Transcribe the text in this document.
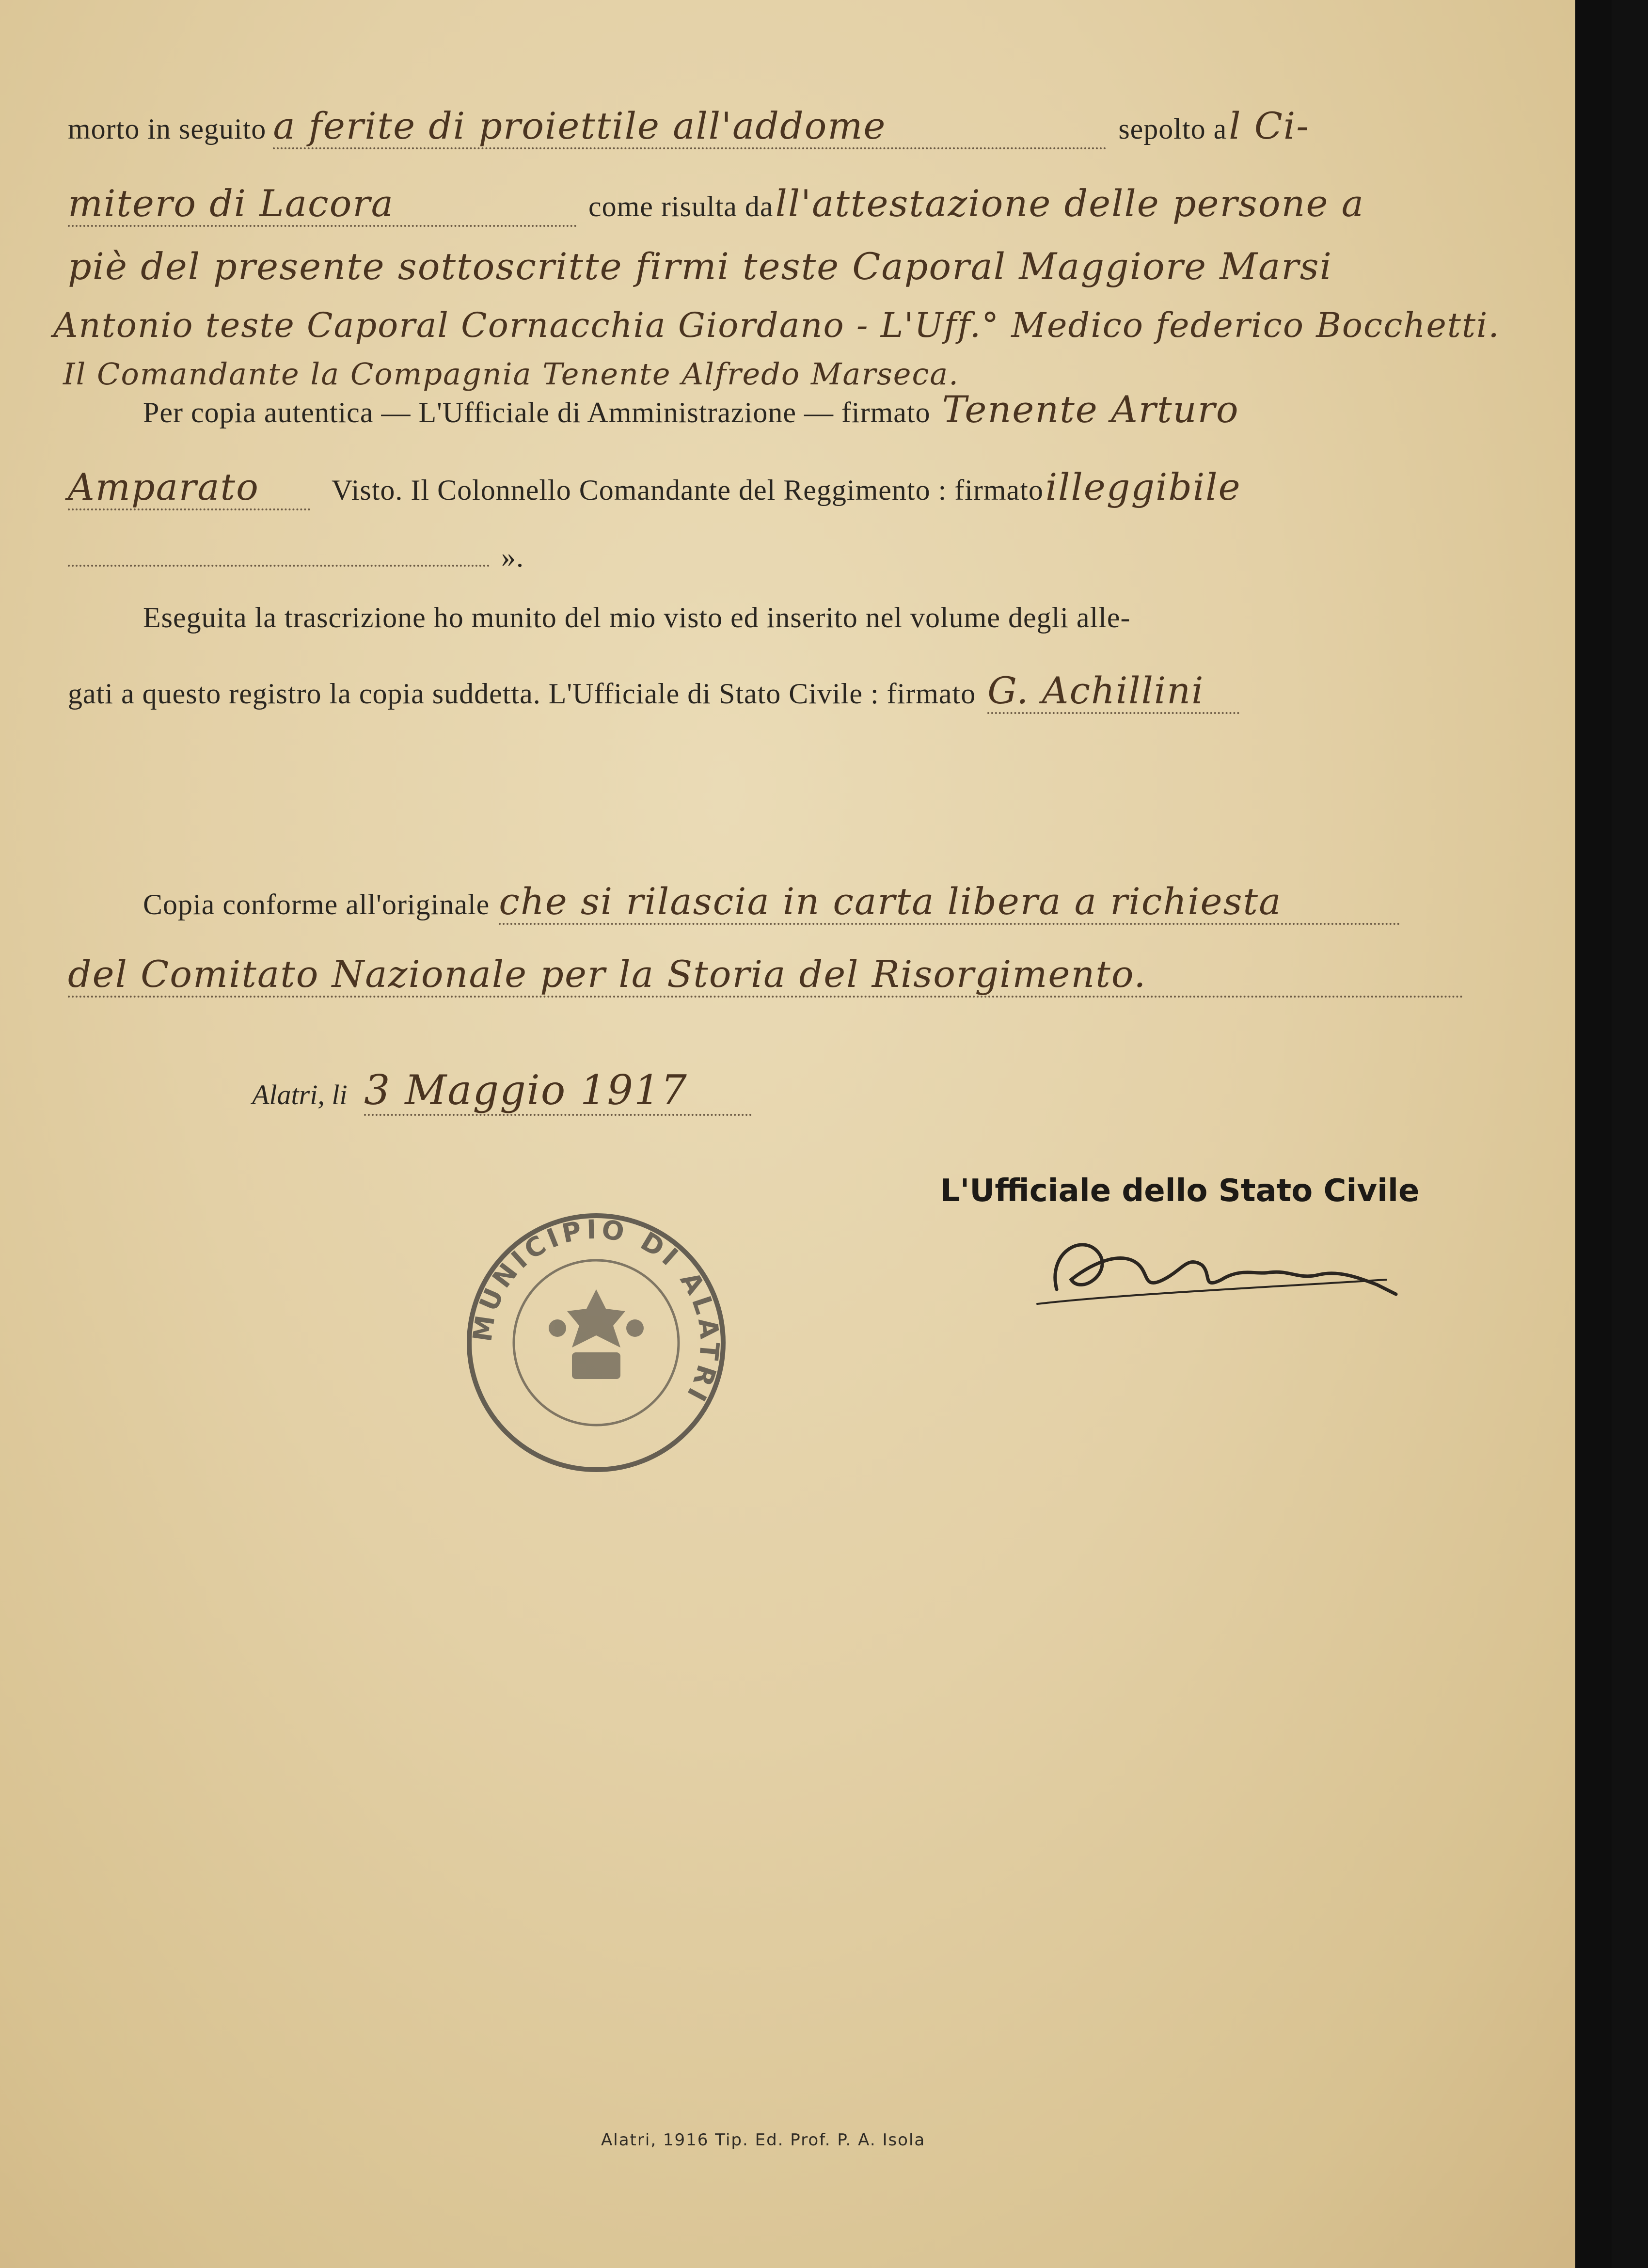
morto in seguito a ferite di proiettile all'addome	sepolto a l Ci-
mitero di Lacora	come risulta da ll'attestazione delle persone a
piè del presente sottoscritte firmi teste Caporal Maggiore Marsi
Antonio teste Caporal Cornacchia Giordano - L'Uff.° Medico federico Bocchetti.
Il Comandante la Compagnia Tenente Alfredo Marseca.
Per copia autentica — L'Ufficiale di Amministrazione — firmato Tenente Arturo
Amparato Visto. Il Colonnello Comandante del Reggimento : firmato illeggibile
».
Eseguita la trascrizione ho munito del mio visto ed inserito nel volume degli alle-
gati a questo registro la copia suddetta. L'Ufficiale di Stato Civile : firmato G. Achillini
Copia conforme all'originale che si rilascia in carta libera a richiesta
del Comitato Nazionale per la Storia del Risorgimento.
Alatri, li 3 Maggio 1917
L'Ufficiale dello Stato Civile
MUNICIPIO DI ALATRI
Alatri, 1916 Tip. Ed. Prof. P. A. Isola
